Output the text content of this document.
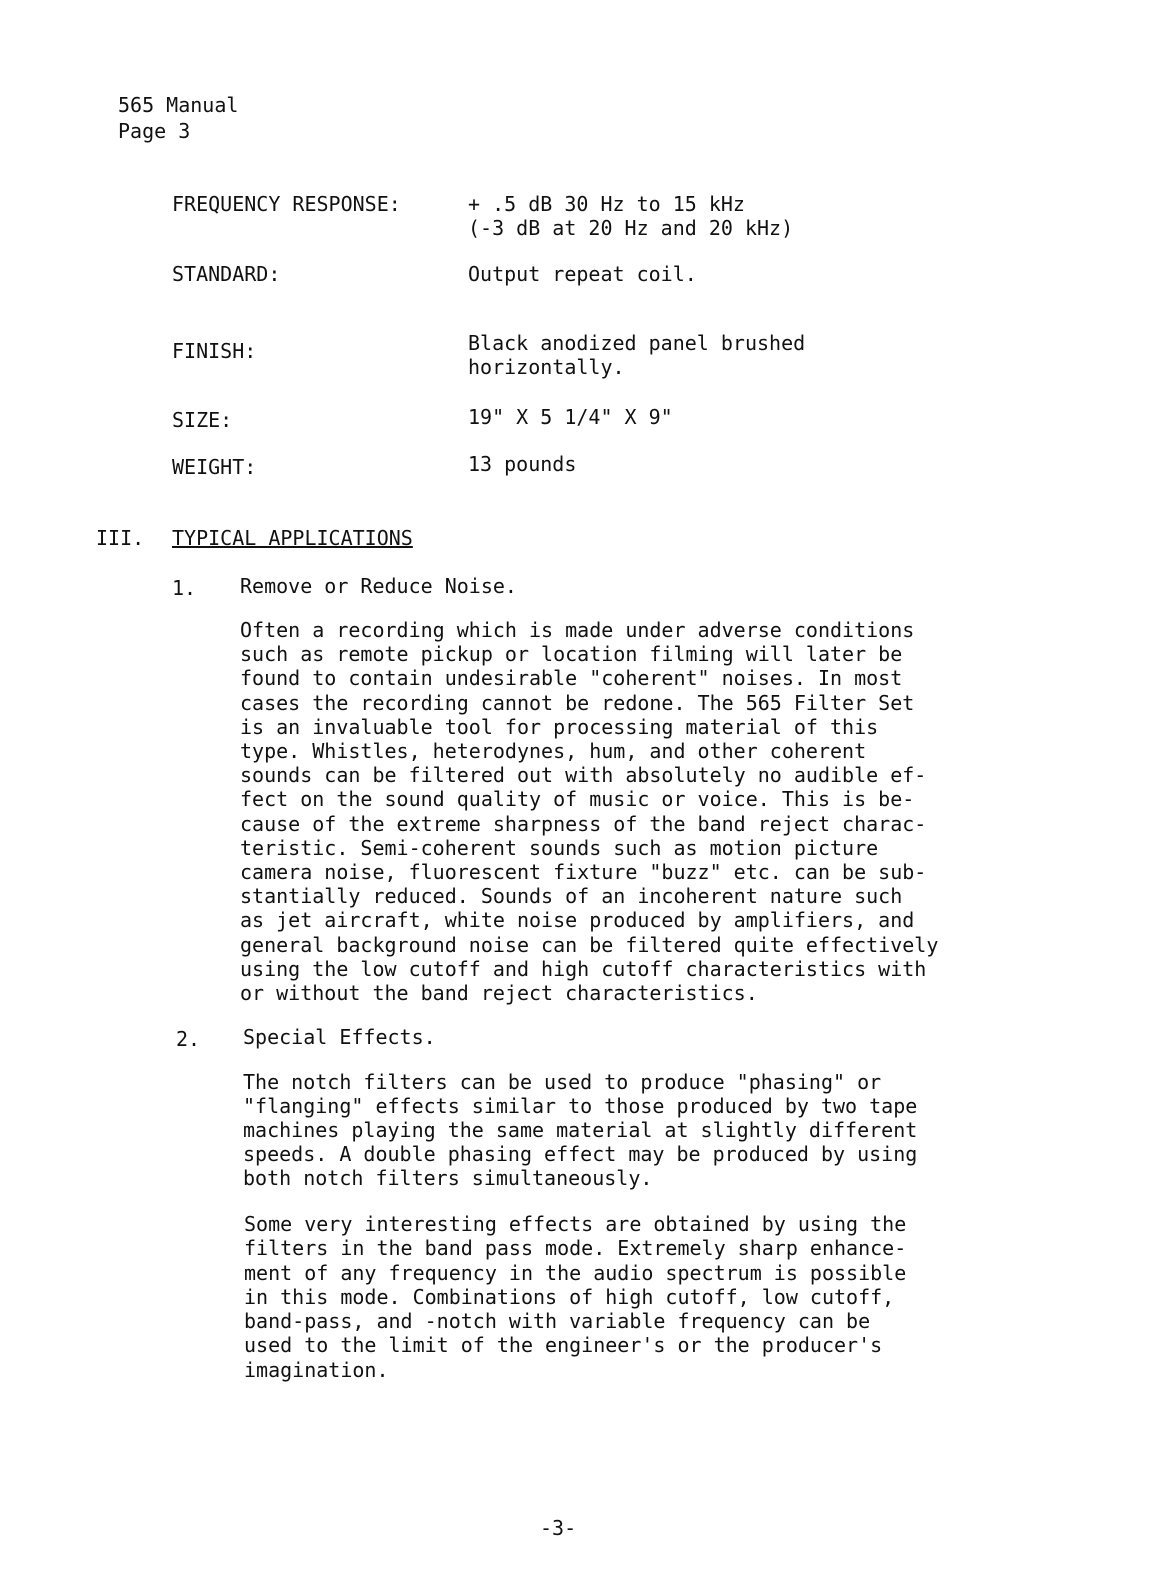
565 Manual
Page 3
FREQUENCY RESPONSE:	+ .5 dB 30 Hz to 15 kHz
(-3 dB at 20 Hz and 20 kHz)
STANDARD:	Output repeat coil.
FINISH:	Black anodized panel brushed
horizontally.
SIZE:	19" X 5 1/4" X 9"
WEIGHT:	13 pounds
III. TYPICAL APPLICATIONS
1. Remove or Reduce Noise.
Often a recording which is made under adverse conditions
such as remote pickup or location filming will later be
found to contain undesirable "coherent" noises. In most
cases the recording cannot be redone. The 565 Filter Set
is an invaluable tool for processing material of this
type. Whistles, heterodynes, hum, and other coherent
sounds can be filtered out with absolutely no audible ef-
fect on the sound quality of music or voice. This is be-
cause of the extreme sharpness of the band reject charac-
teristic. Semi-coherent sounds such as motion picture
camera noise, fluorescent fixture "buzz" etc. can be sub-
stantially reduced. Sounds of an incoherent nature such
as jet aircraft, white noise produced by amplifiers, and
general background noise can be filtered quite effectively
using the low cutoff and high cutoff characteristics with
or without the band reject characteristics.
2. Special Effects.
The notch filters can be used to produce "phasing" or
"flanging" effects similar to those produced by two tape
machines playing the same material at slightly different
speeds. A double phasing effect may be produced by using
both notch filters simultaneously.
Some very interesting effects are obtained by using the
filters in the band pass mode. Extremely sharp enhance-
ment of any frequency in the audio spectrum is possible
in this mode. Combinations of high cutoff, low cutoff,
band-pass, and -notch with variable frequency can be
used to the limit of the engineer's or the producer's
imagination.
-3-
